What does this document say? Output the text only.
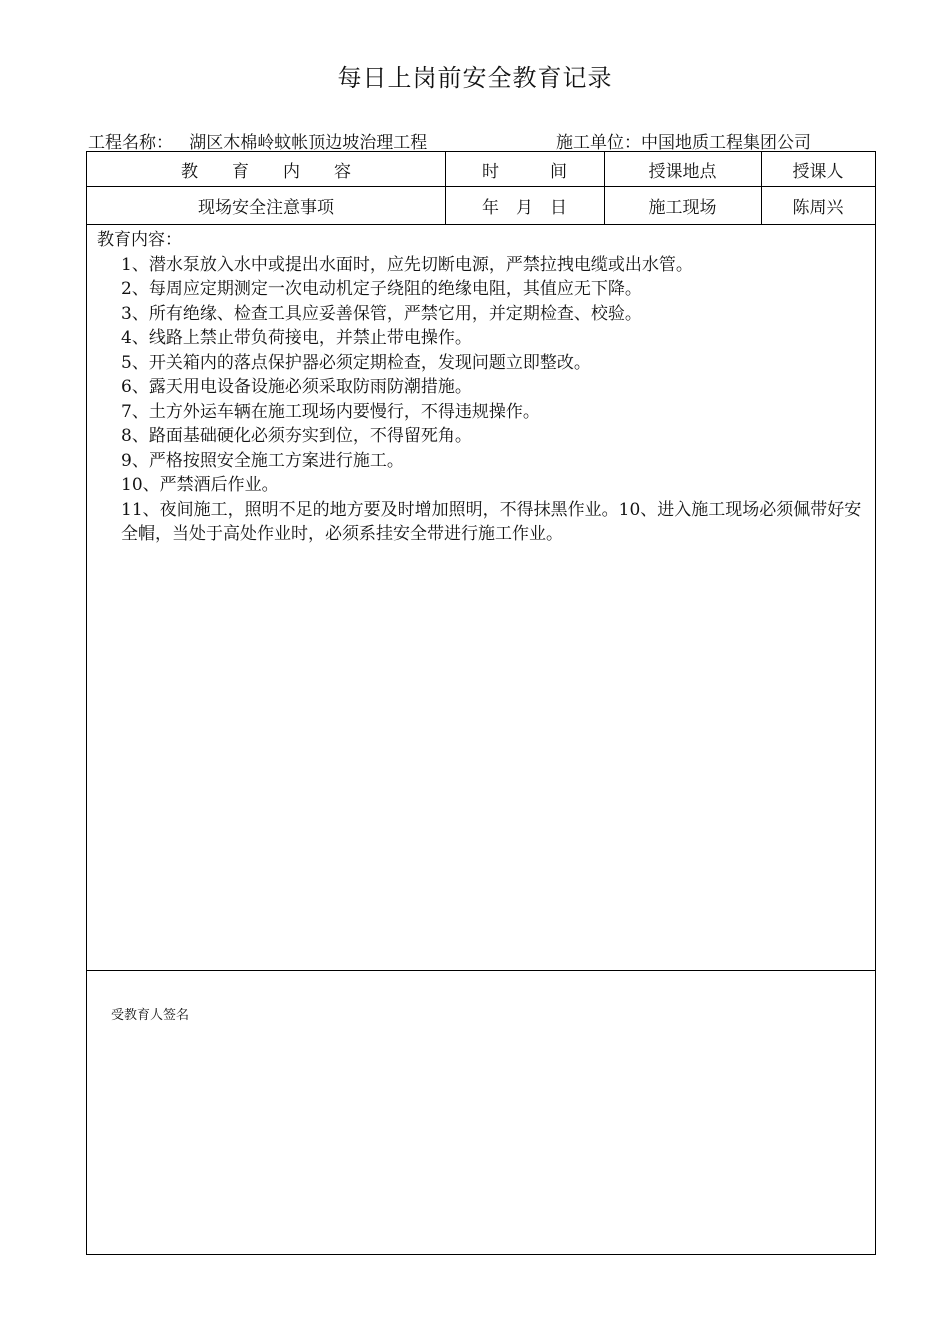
每日上岗前安全教育记录
工程名称： 湖区木棉岭蚊帐顶边坡治理工程	施工单位：中国地质工程集团公司
教　　育　　内　　容	时　　　间	授课地点	授课人
现场安全注意事项	年　月　日	施工现场	陈周兴
教育内容：
1、潜水泵放入水中或提出水面时，应先切断电源，严禁拉拽电缆或出水管。
2、每周应定期测定一次电动机定子绕阻的绝缘电阻，其值应无下降。
3、所有绝缘、检查工具应妥善保管，严禁它用，并定期检查、校验。
4、线路上禁止带负荷接电，并禁止带电操作。
5、开关箱内的落点保护器必须定期检查，发现问题立即整改。
6、露天用电设备设施必须采取防雨防潮措施。
7、土方外运车辆在施工现场内要慢行，不得违规操作。
8、路面基础硬化必须夯实到位，不得留死角。
9、严格按照安全施工方案进行施工。
10、严禁酒后作业。
11、夜间施工，照明不足的地方要及时增加照明，不得抹黑作业。10、进入施工现场必须佩带好安全帽，当处于高处作业时，必须系挂安全带进行施工作业。
受教育人签名
